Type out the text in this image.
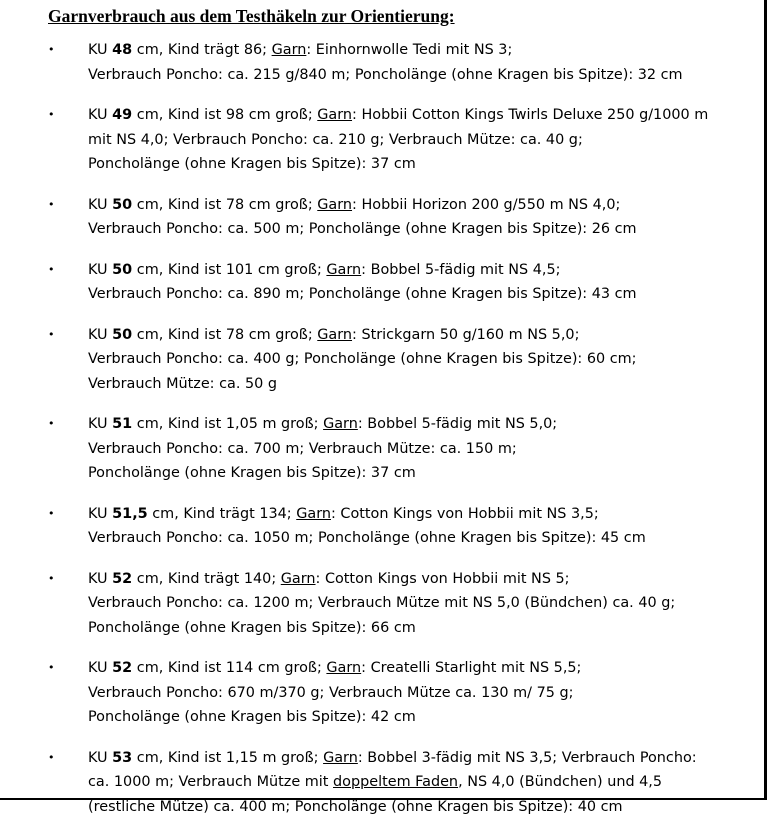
Garnverbrauch aus dem Testhäkeln zur Orientierung:
• KU 48 cm, Kind trägt 86; Garn: Einhornwolle Tedi mit NS 3;
Verbrauch Poncho: ca. 215 g/840 m; Poncholänge (ohne Kragen bis Spitze): 32 cm
• KU 49 cm, Kind ist 98 cm groß; Garn: Hobbii Cotton Kings Twirls Deluxe 250 g/1000 m
mit NS 4,0; Verbrauch Poncho: ca. 210 g; Verbrauch Mütze: ca. 40 g;
Poncholänge (ohne Kragen bis Spitze): 37 cm
• KU 50 cm, Kind ist 78 cm groß; Garn: Hobbii Horizon 200 g/550 m NS 4,0;
Verbrauch Poncho: ca. 500 m; Poncholänge (ohne Kragen bis Spitze): 26 cm
• KU 50 cm, Kind ist 101 cm groß; Garn: Bobbel 5-fädig mit NS 4,5;
Verbrauch Poncho: ca. 890 m; Poncholänge (ohne Kragen bis Spitze): 43 cm
• KU 50 cm, Kind ist 78 cm groß; Garn: Strickgarn 50 g/160 m NS 5,0;
Verbrauch Poncho: ca. 400 g; Poncholänge (ohne Kragen bis Spitze): 60 cm;
Verbrauch Mütze: ca. 50 g
• KU 51 cm, Kind ist 1,05 m groß; Garn: Bobbel 5-fädig mit NS 5,0;
Verbrauch Poncho: ca. 700 m; Verbrauch Mütze: ca. 150 m;
Poncholänge (ohne Kragen bis Spitze): 37 cm
• KU 51,5 cm, Kind trägt 134; Garn: Cotton Kings von Hobbii mit NS 3,5;
Verbrauch Poncho: ca. 1050 m; Poncholänge (ohne Kragen bis Spitze): 45 cm
• KU 52 cm, Kind trägt 140; Garn: Cotton Kings von Hobbii mit NS 5;
Verbrauch Poncho: ca. 1200 m; Verbrauch Mütze mit NS 5,0 (Bündchen) ca. 40 g;
Poncholänge (ohne Kragen bis Spitze): 66 cm
• KU 52 cm, Kind ist 114 cm groß; Garn: Createlli Starlight mit NS 5,5;
Verbrauch Poncho: 670 m/370 g; Verbrauch Mütze ca. 130 m/ 75 g;
Poncholänge (ohne Kragen bis Spitze): 42 cm
• KU 53 cm, Kind ist 1,15 m groß; Garn: Bobbel 3-fädig mit NS 3,5; Verbrauch Poncho:
ca. 1000 m; Verbrauch Mütze mit doppeltem Faden, NS 4,0 (Bündchen) und 4,5
(restliche Mütze) ca. 400 m; Poncholänge (ohne Kragen bis Spitze): 40 cm
